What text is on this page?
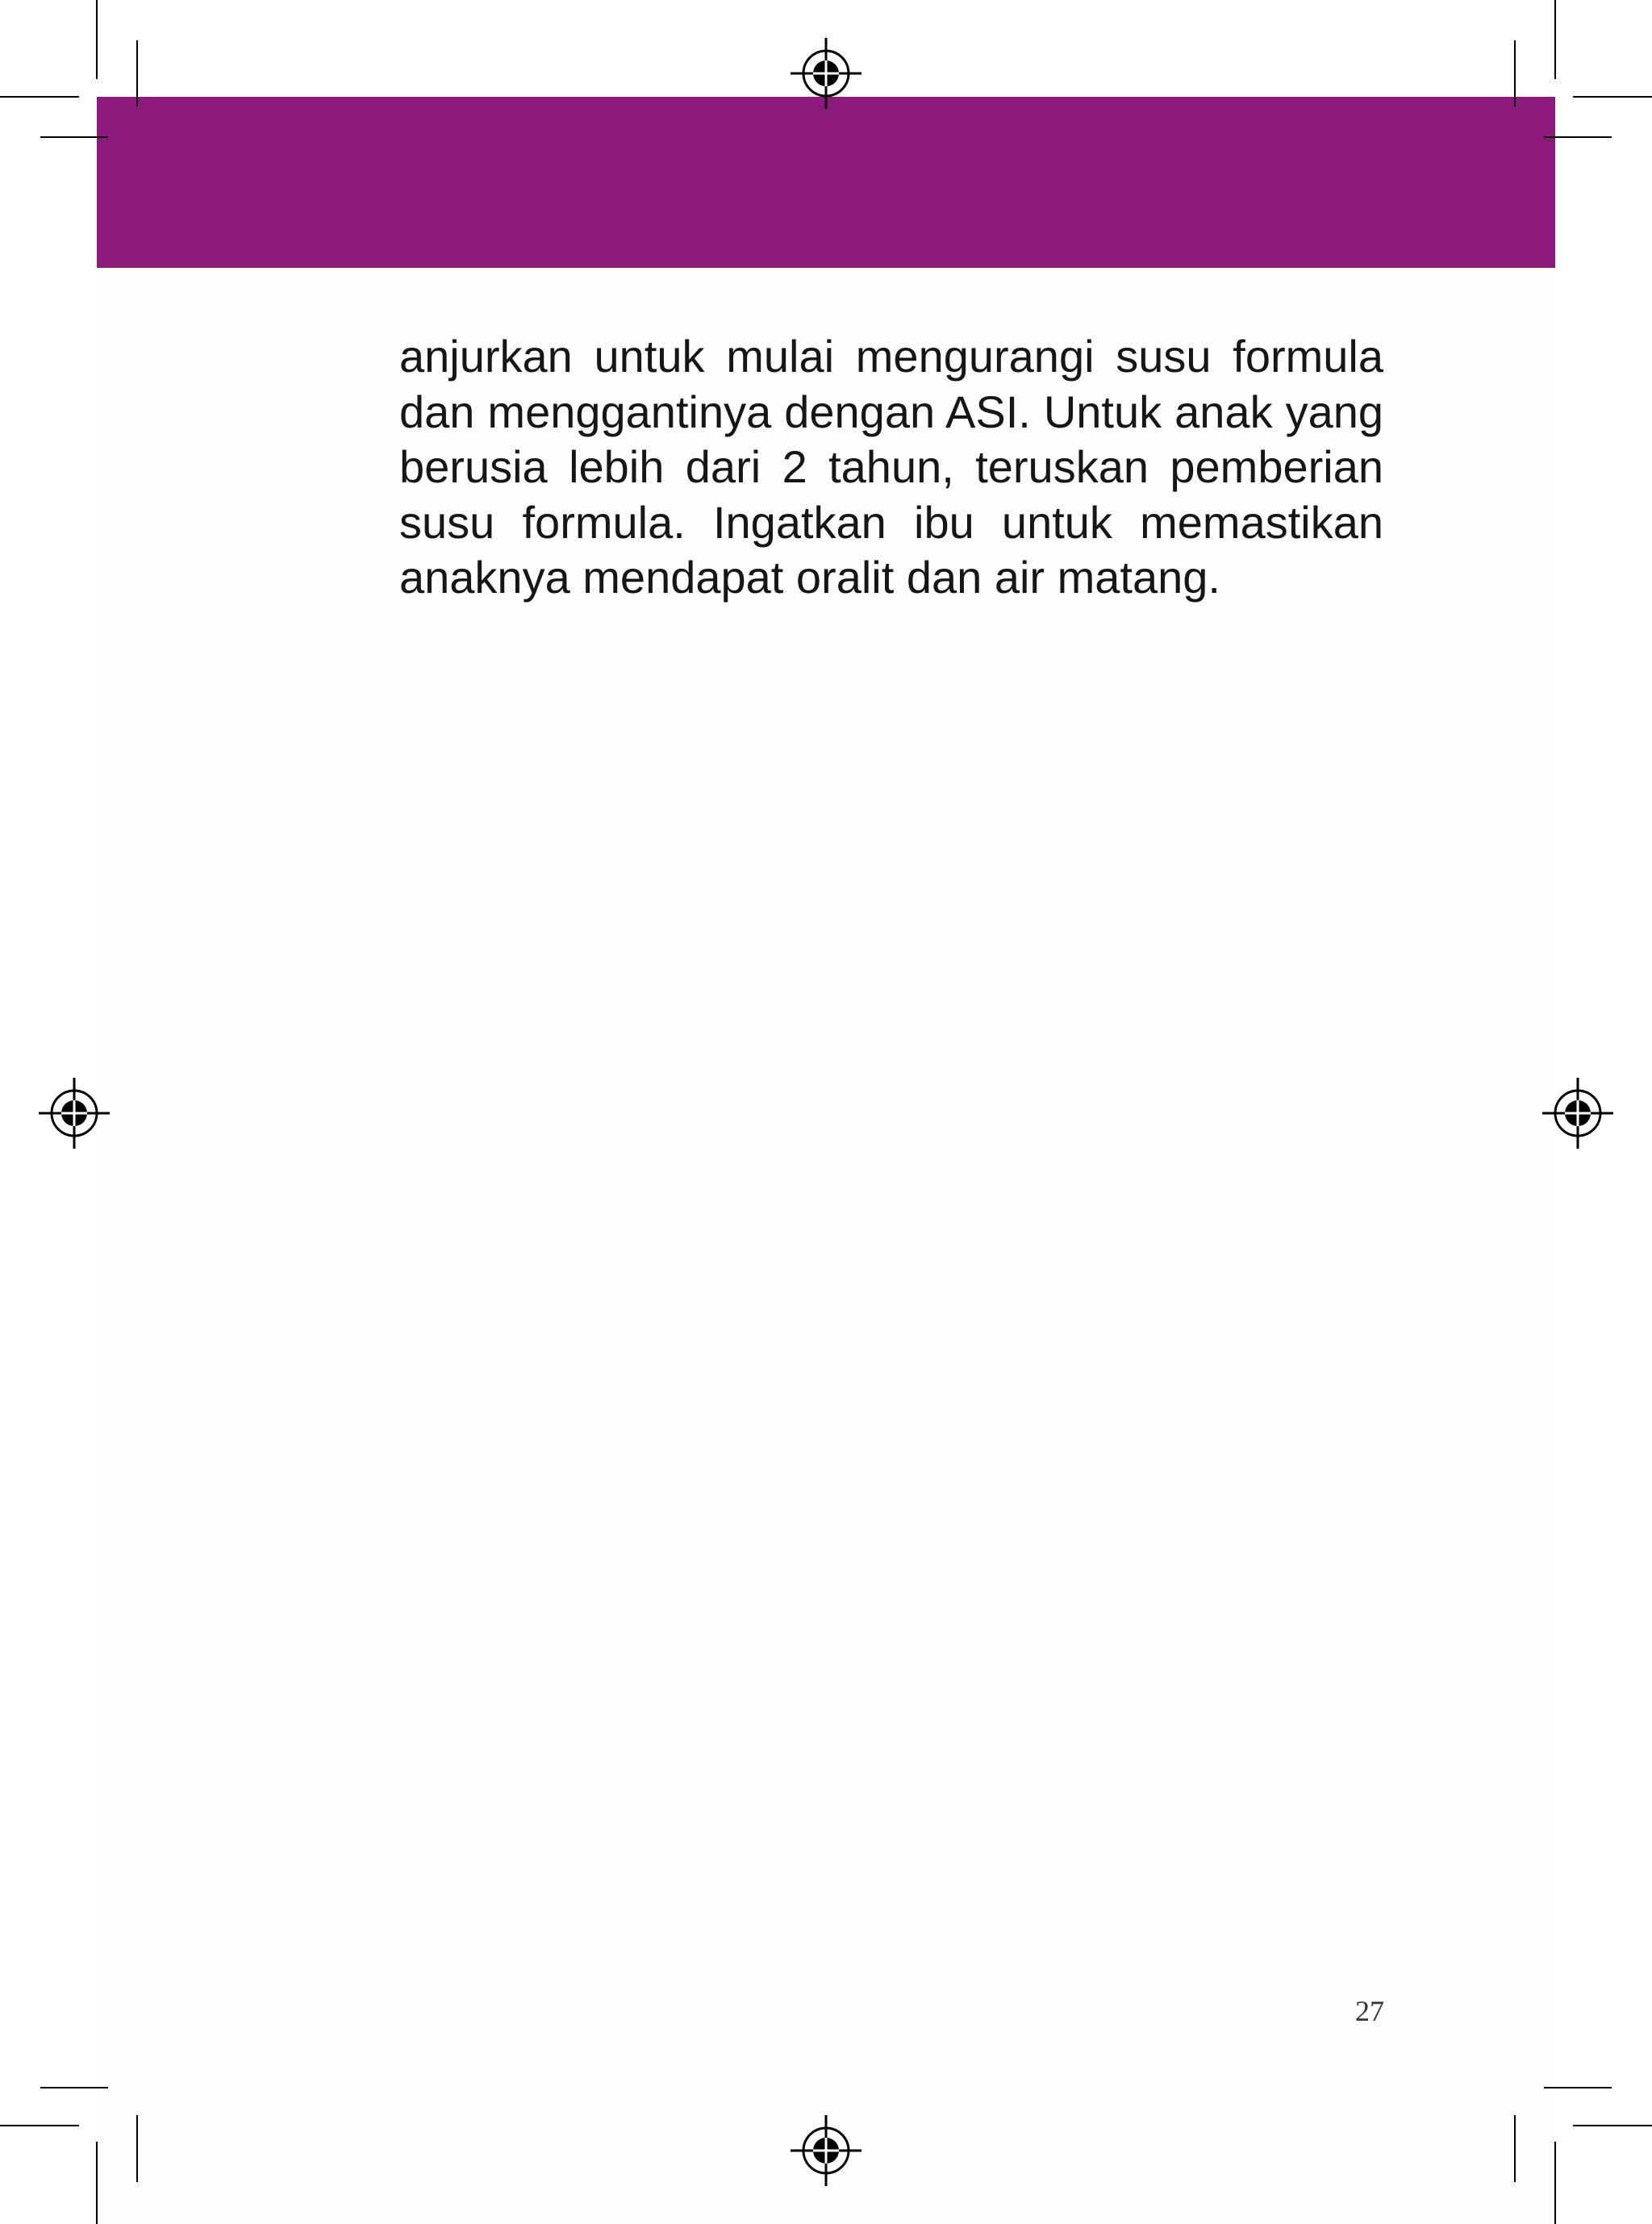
anjurkan untuk mulai mengurangi susu formula dan menggantinya dengan ASI. Untuk anak yang berusia lebih dari 2 tahun, teruskan pemberian susu formula. Ingatkan ibu untuk memastikan anaknya mendapat oralit dan air matang.

27
